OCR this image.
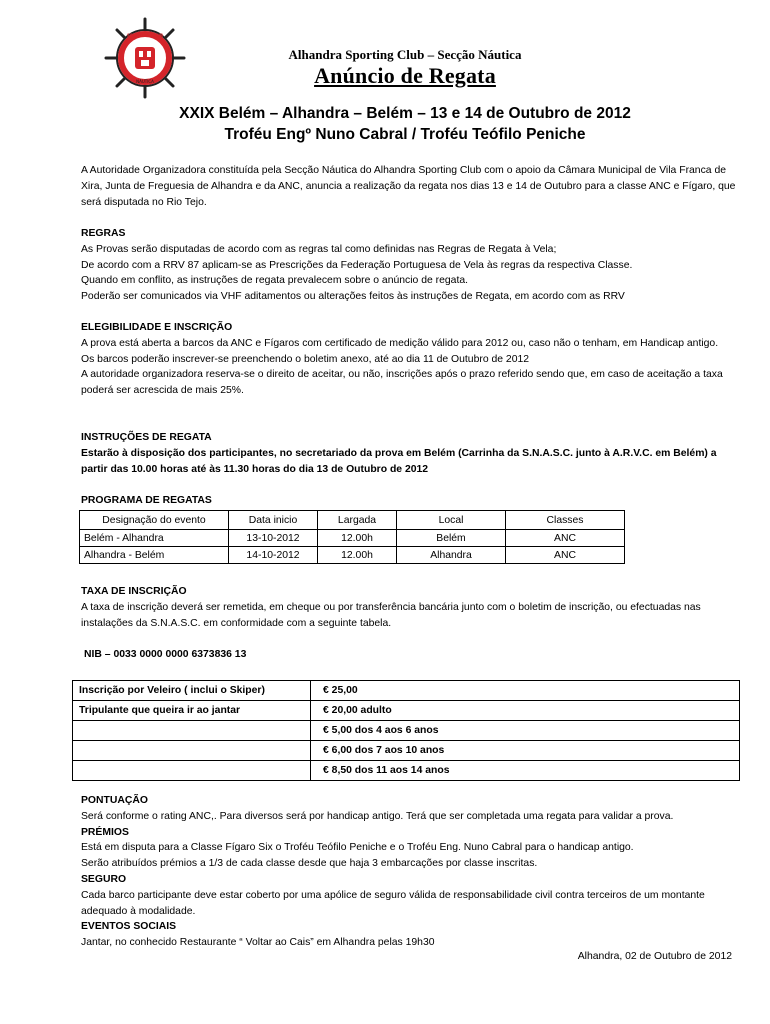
SPORTING CLUB
NÁUTICA
Alhandra Sporting Club – Secção Náutica
Anúncio de Regata
XXIX Belém – Alhandra – Belém – 13 e 14 de Outubro de 2012
Troféu Engº Nuno Cabral / Troféu Teófilo Peniche

A Autoridade Organizadora constituída pela Secção Náutica do Alhandra Sporting Club com o apoio da Câmara Municipal de Vila Franca de Xira, Junta de Freguesia de Alhandra e da ANC, anuncia a realização da regata nos dias 13 e 14 de Outubro para a classe ANC e Fígaro, que será disputada no Rio Tejo.

REGRAS

As Provas serão disputadas de acordo com as regras tal como definidas nas Regras de Regata à Vela;

De acordo com a RRV 87 aplicam-se as Prescrições da Federação Portuguesa de Vela às regras da respectiva Classe.

Quando em conflito, as instruções de regata prevalecem sobre o anúncio de regata.

Poderão ser comunicados via VHF aditamentos ou alterações feitos às instruções de Regata, em acordo com as RRV

ELEGIBILIDADE E INSCRIÇÃO

A prova está aberta a barcos da ANC e Fígaros com certificado de medição válido para 2012 ou, caso não o tenham, em Handicap antigo.

Os barcos poderão inscrever-se preenchendo o boletim anexo, até ao dia 11 de Outubro de 2012

A autoridade organizadora reserva-se o direito de aceitar, ou não, inscrições após o prazo referido sendo que, em caso de aceitação a taxa poderá ser acrescida de mais 25%.

INSTRUÇÕES DE REGATA

Estarão à disposição dos participantes, no secretariado da prova em Belém (Carrinha da S.N.A.S.C. junto à A.R.V.C. em Belém) a partir das 10.00 horas até às 11.30 horas do dia 13 de Outubro de 2012

PROGRAMA DE REGATAS

Designação do evento	Data inicio	Largada	Local	Classes
Belém - Alhandra	13-10-2012	12.00h	Belém	ANC
Alhandra - Belém	14-10-2012	12.00h	Alhandra	ANC

TAXA DE INSCRIÇÃO

A taxa de inscrição deverá ser remetida, em cheque ou por transferência bancária junto com o boletim de inscrição, ou efectuadas nas instalações da S.N.A.S.C. em conformidade com a seguinte tabela.

NIB – 0033 0000 0000 6373836 13
Inscrição por Veleiro ( inclui o Skiper)	€ 25,00
Tripulante que queira ir ao jantar	€ 20,00 adulto
	€ 5,00 dos 4 aos 6 anos
	€ 6,00 dos 7 aos 10 anos
	€ 8,50 dos 11 aos 14 anos

PONTUAÇÃO

Será conforme o rating ANC,. Para diversos será por handicap antigo. Terá que ser completada uma regata para validar a prova.

PRÉMIOS

Está em disputa para a Classe Fígaro Six o Troféu Teófilo Peniche e o Troféu Eng. Nuno Cabral para o handicap antigo.

Serão atribuídos prémios a 1/3 de cada classe desde que haja 3 embarcações por classe inscritas.

SEGURO

Cada barco participante deve estar coberto por uma apólice de seguro válida de responsabilidade civil contra terceiros de um montante adequado à modalidade.

EVENTOS SOCIAIS

Jantar, no conhecido Restaurante “ Voltar ao Cais” em Alhandra pelas 19h30

Alhandra, 02 de Outubro de 2012
